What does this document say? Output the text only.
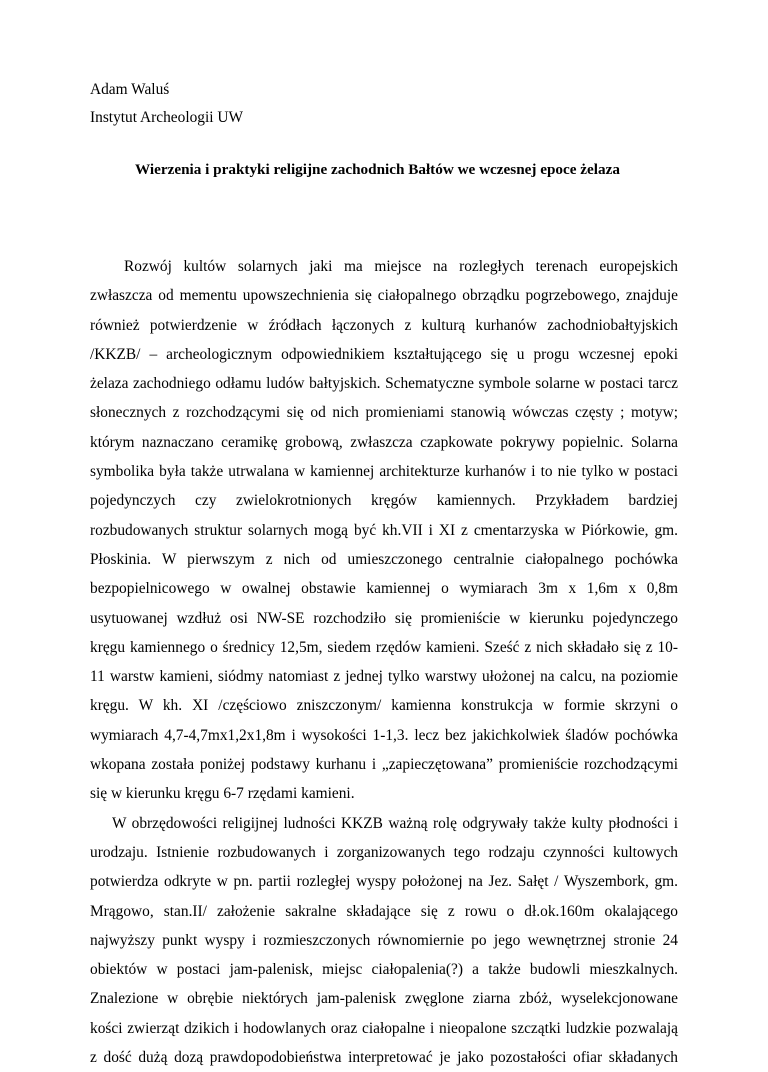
Adam Waluś
Instytut Archeologii UW
Wierzenia i praktyki religijne zachodnich Bałtów we wczesnej epoce żelaza
Rozwój kultów solarnych jaki ma miejsce na rozległych terenach europejskich
zwłaszcza od mementu upowszechnienia się ciałopalnego obrządku pogrzebowego, znajduje
również potwierdzenie w źródłach łączonych z kulturą kurhanów zachodniobałtyjskich
/KKZB/ – archeologicznym odpowiednikiem kształtującego się u progu wczesnej epoki
żelaza zachodniego odłamu ludów bałtyjskich. Schematyczne symbole solarne w postaci tarcz
słonecznych z rozchodzącymi się od nich promieniami stanowią wówczas częsty ; motyw;
którym naznaczano ceramikę grobową, zwłaszcza czapkowate pokrywy popielnic. Solarna
symbolika była także utrwalana w kamiennej architekturze kurhanów i to nie tylko w postaci
pojedynczych czy zwielokrotnionych kręgów kamiennych. Przykładem bardziej
rozbudowanych struktur solarnych mogą być kh.VII i XI z cmentarzyska w Piórkowie, gm.
Płoskinia. W pierwszym z nich od umieszczonego centralnie ciałopalnego pochówka
bezpopielnicowego w owalnej obstawie kamiennej o wymiarach 3m x 1,6m x 0,8m
usytuowanej wzdłuż osi NW-SE rozchodziło się promieniście w kierunku pojedynczego
kręgu kamiennego o średnicy 12,5m, siedem rzędów kamieni. Sześć z nich składało się z 10-
11 warstw kamieni, siódmy natomiast z jednej tylko warstwy ułożonej na calcu, na poziomie
kręgu. W kh. XI /częściowo zniszczonym/ kamienna konstrukcja w formie skrzyni o
wymiarach 4,7-4,7mx1,2x1,8m i wysokości 1-1,3. lecz bez jakichkolwiek śladów pochówka
wkopana została poniżej podstawy kurhanu i „zapieczętowana” promieniście rozchodzącymi
się w kierunku kręgu 6-7 rzędami kamieni.
W obrzędowości religijnej ludności KKZB ważną rolę odgrywały także kulty płodności i
urodzaju. Istnienie rozbudowanych i zorganizowanych tego rodzaju czynności kultowych
potwierdza odkryte w pn. partii rozległej wyspy położonej na Jez. Sałęt / Wyszembork, gm.
Mrągowo, stan.II/ założenie sakralne składające się z rowu o dł.ok.160m okalającego
najwyższy punkt wyspy i rozmieszczonych równomiernie po jego wewnętrznej stronie 24
obiektów w postaci jam-palenisk, miejsc ciałopalenia(?) a także budowli mieszkalnych.
Znalezione w obrębie niektórych jam-palenisk zwęglone ziarna zbóż, wyselekcjonowane
kości zwierząt dzikich i hodowlanych oraz ciałopalne i nieopalone szczątki ludzkie pozwalają
z dość dużą dozą prawdopodobieństwa interpretować je jako pozostałości ofiar składanych
